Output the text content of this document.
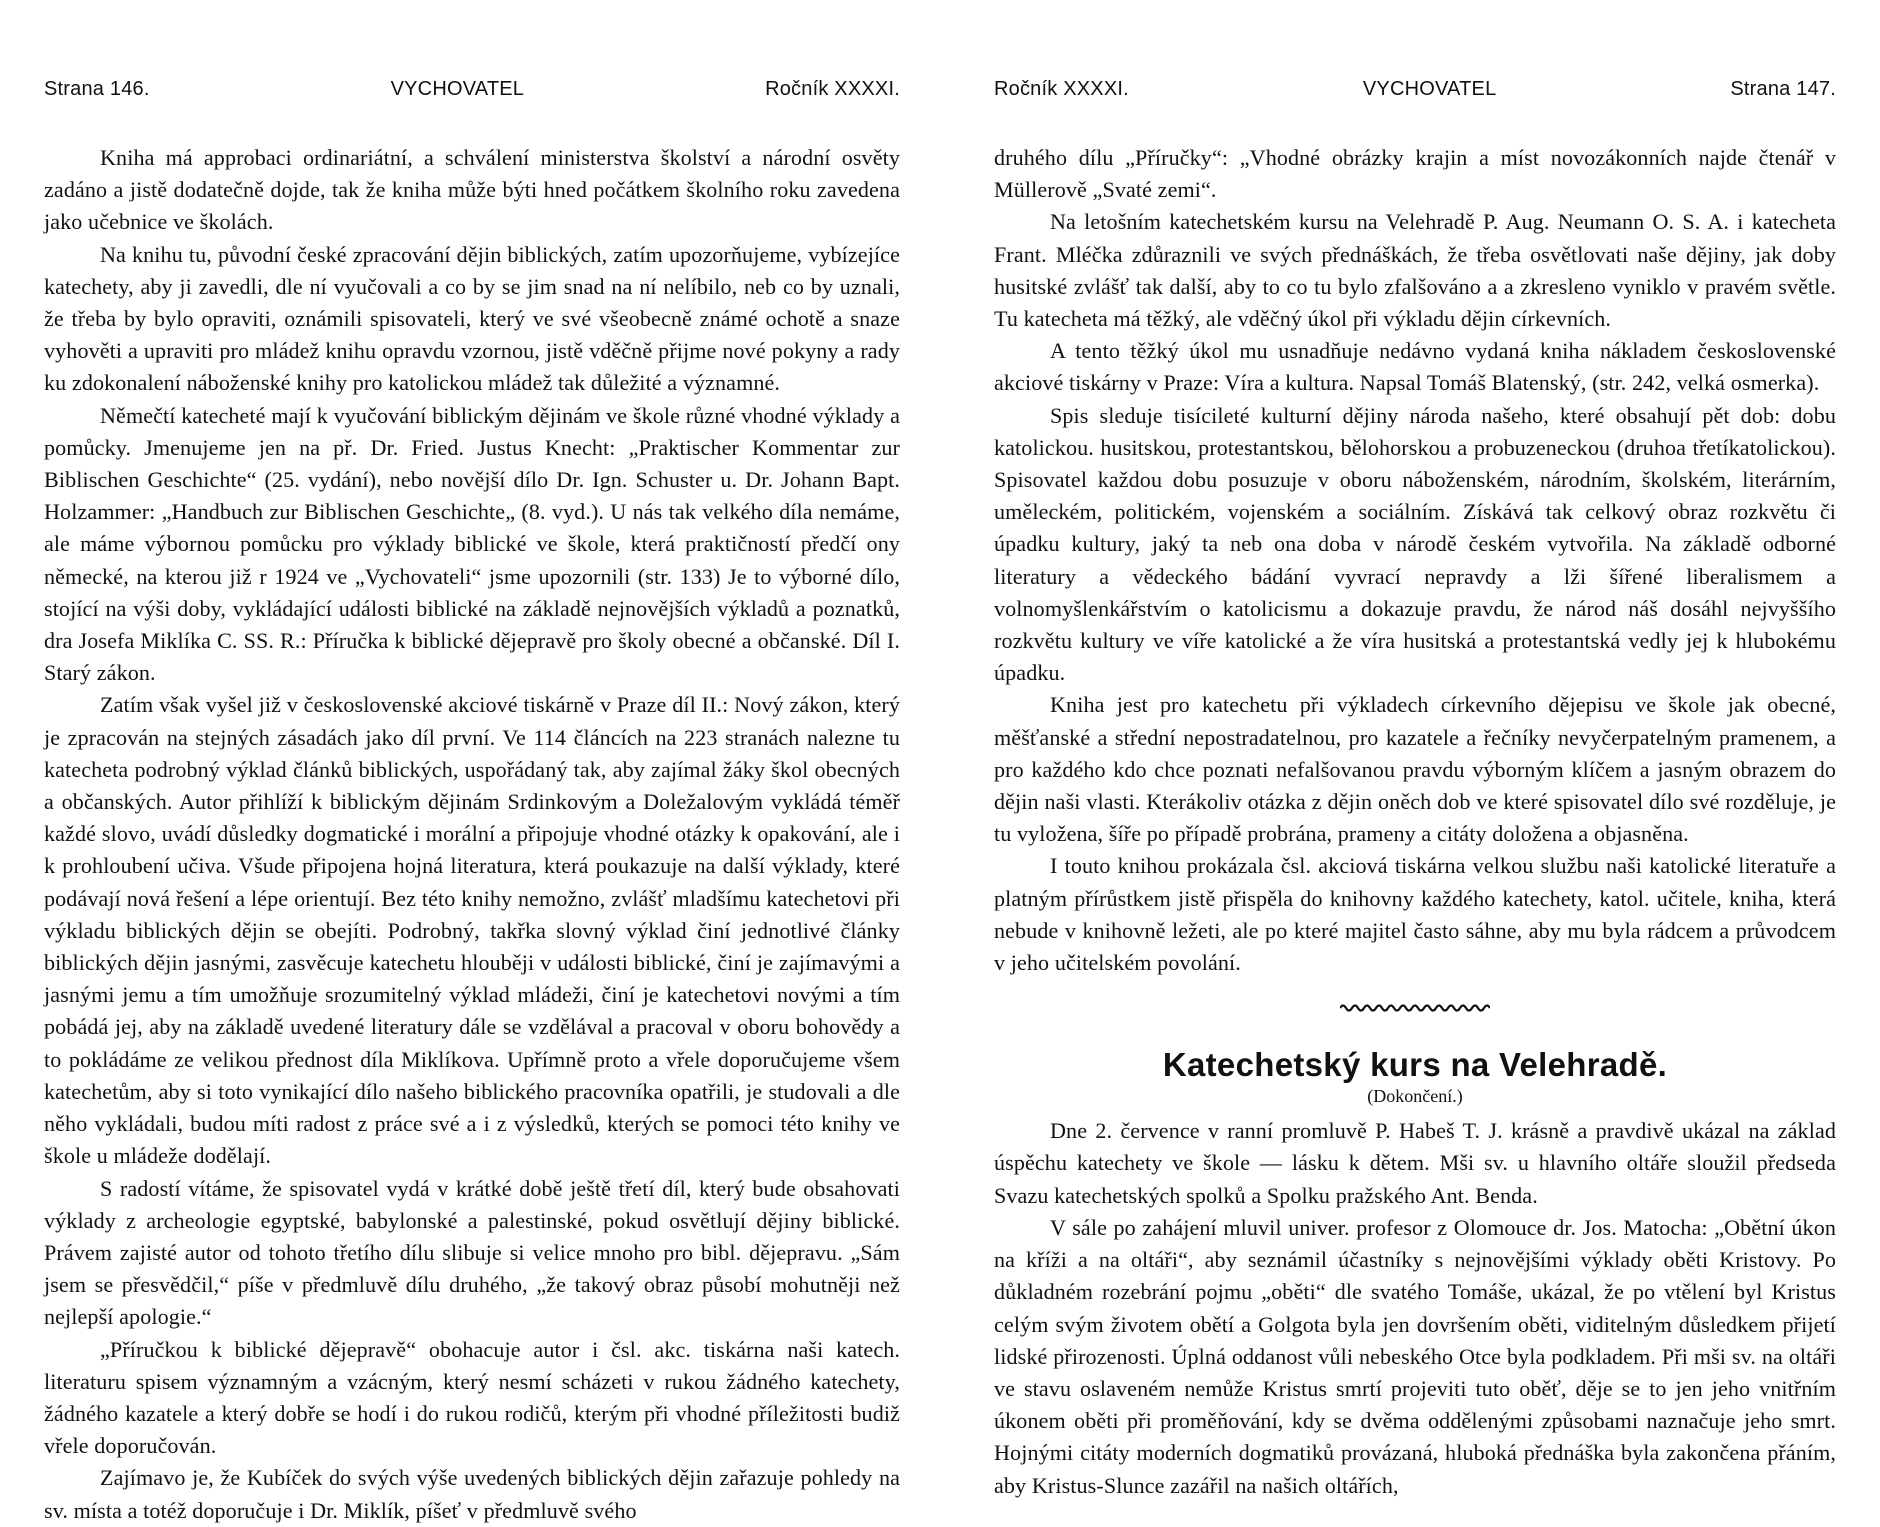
Strana 146.	VYCHOVATEL	Ročník XXXXI.

Kniha má approbaci ordinariátní, a schválení ministerstva školství a národní osvěty zadáno a jistě dodatečně dojde, tak že kniha může býti hned počátkem školního roku zavedena jako učebnice ve školách.

Na knihu tu, původní české zpracování dějin biblických, zatím upozorňujeme, vybízejíce katechety, aby ji zavedli, dle ní vyučovali a co by se jim snad na ní nelíbilo, neb co by uznali, že třeba by bylo opraviti, oznámili spisovateli, který ve své všeobecně známé ochotě a snaze vyhověti a upraviti pro mládež knihu opravdu vzornou, jistě vděčně přijme nové pokyny a rady ku zdokonalení náboženské knihy pro katolickou mládež tak důležité a významné.

Němečtí katecheté mají k vyučování biblickým dějinám ve škole různé vhodné výklady a pomůcky. Jmenujeme jen na př. Dr. Fried. Justus Knecht: „Praktischer Kommentar zur Biblischen Geschichte“ (25. vydání), nebo novější dílo Dr. Ign. Schuster u. Dr. Johann Bapt. Holzammer: „Handbuch zur Biblischen Geschichte„ (8. vyd.). U nás tak velkého díla nemáme, ale máme výbornou pomůcku pro výklady biblické ve škole, která praktičností předčí ony německé, na kterou již r 1924 ve „Vychovateli“ jsme upozornili (str. 133) Je to výborné dílo, stojící na výši doby, vykládající události biblické na základě nejnovějších výkladů a poznatků, dra Josefa Miklíka C. SS. R.: Příručka k biblické dějepravě pro školy obecné a občanské. Díl I. Starý zákon.

Zatím však vyšel již v československé akciové tiskárně v Praze díl II.: Nový zákon, který je zpracován na stejných zásadách jako díl první. Ve 114 článcích na 223 stranách nalezne tu katecheta podrobný výklad článků biblických, uspořádaný tak, aby zajímal žáky škol obecných a občanských. Autor přihlíží k biblickým dějinám Srdinkovým a Doležalovým vykládá téměř každé slovo, uvádí důsledky dogmatické i morální a připojuje vhodné otázky k opakování, ale i k prohloubení učiva. Všude připojena hojná literatura, která poukazuje na další výklady, které podávají nová řešení a lépe orientují. Bez této knihy nemožno, zvlášť mladšímu katechetovi při výkladu biblických dějin se obejíti. Podrobný, takřka slovný výklad činí jednotlivé články biblických dějin jasnými, zasvěcuje katechetu hlouběji v události biblické, činí je zajímavými a jasnými jemu a tím umožňuje srozumitelný výklad mládeži, činí je katechetovi novými a tím pobádá jej, aby na základě uvedené literatury dále se vzdělával a pracoval v oboru bohovědy a to pokládáme ze velikou přednost díla Miklíkova. Upřímně proto a vřele doporučujeme všem katechetům, aby si toto vynikající dílo našeho biblického pracovníka opatřili, je studovali a dle něho vykládali, budou míti radost z práce své a i z výsledků, kterých se pomoci této knihy ve škole u mládeže dodělají.

S radostí vítáme, že spisovatel vydá v krátké době ještě třetí díl, který bude obsahovati výklady z archeologie egyptské, babylonské a palestinské, pokud osvětlují dějiny biblické. Právem zajisté autor od tohoto třetího dílu slibuje si velice mnoho pro bibl. dějepravu. „Sám jsem se přesvědčil,“ píše v předmluvě dílu druhého, „že takový obraz působí mohutněji než nejlepší apologie.“

„Příručkou k biblické dějepravě“ obohacuje autor i čsl. akc. tiskárna naši katech. literaturu spisem významným a vzácným, který nesmí scházeti v rukou žádného katechety, žádného kazatele a který dobře se hodí i do rukou rodičů, kterým při vhodné příležitosti budiž vřele doporučován.

Zajímavo je, že Kubíček do svých výše uvedených biblických dějin zařazuje pohledy na sv. místa a totéž doporučuje i Dr. Miklík, píšeť v předmluvě svého

Ročník XXXXI.	VYCHOVATEL	Strana 147.

druhého dílu „Příručky“: „Vhodné obrázky krajin a míst novozákonních najde čtenář v Müllerově „Svaté zemi“.

Na letošním katechetském kursu na Velehradě P. Aug. Neumann O. S. A. i katecheta Frant. Mléčka zdůraznili ve svých přednáškách, že třeba osvětlovati naše dějiny, jak doby husitské zvlášť tak další, aby to co tu bylo zfalšováno a a zkresleno vyniklo v pravém světle. Tu katecheta má těžký, ale vděčný úkol při výkladu dějin církevních.

A tento těžký úkol mu usnadňuje nedávno vydaná kniha nákladem československé akciové tiskárny v Praze: Víra a kultura. Napsal Tomáš Blatenský, (str. 242, velká osmerka).

Spis sleduje tisícileté kulturní dějiny národa našeho, které obsahují pět dob: dobu katolickou. husitskou, protestantskou, bělohorskou a probuzeneckou (druhoa třetíkatolickou). Spisovatel každou dobu posuzuje v oboru náboženském, národním, školském, literárním, uměleckém, politickém, vojenském a sociálním. Získává tak celkový obraz rozkvětu či úpadku kultury, jaký ta neb ona doba v národě českém vytvořila. Na základě odborné literatury a vědeckého bádání vyvrací nepravdy a lži šířené liberalismem a volnomyšlenkářstvím o katolicismu a dokazuje pravdu, že národ náš dosáhl nejvyššího rozkvětu kultury ve víře katolické a že víra husitská a protestantská vedly jej k hlubokému úpadku.

Kniha jest pro katechetu při výkladech církevního dějepisu ve škole jak obecné, měšťanské a střední nepostradatelnou, pro kazatele a řečníky nevyčerpatelným pramenem, a pro každého kdo chce poznati nefalšovanou pravdu výborným klíčem a jasným obrazem do dějin naši vlasti. Kterákoliv otázka z dějin oněch dob ve které spisovatel dílo své rozděluje, je tu vyložena, šíře po případě probrána, prameny a citáty doložena a objasněna.

I touto knihou prokázala čsl. akciová tiskárna velkou službu naši katolické literatuře a platným přírůstkem jistě přispěla do knihovny každého katechety, katol. učitele, kniha, která nebude v knihovně ležeti, ale po které majitel často sáhne, aby mu byla rádcem a průvodcem v jeho učitelském povolání.

Katechetský kurs na Velehradě.
(Dokončení.)

Dne 2. července v ranní promluvě P. Habeš T. J. krásně a pravdivě ukázal na základ úspěchu katechety ve škole — lásku k dětem. Mši sv. u hlavního oltáře sloužil předseda Svazu katechetských spolků a Spolku pražského Ant. Benda.

V sále po zahájení mluvil univer. profesor z Olomouce dr. Jos. Matocha: „Obětní úkon na kříži a na oltáři“, aby seznámil účastníky s nejnovějšími výklady oběti Kristovy. Po důkladném rozebrání pojmu „oběti“ dle svatého Tomáše, ukázal, že po vtělení byl Kristus celým svým životem obětí a Golgota byla jen dovršením oběti, viditelným důsledkem přijetí lidské přirozenosti. Úplná oddanost vůli nebeského Otce byla podkladem. Při mši sv. na oltáři ve stavu oslaveném nemůže Kristus smrtí projeviti tuto oběť, děje se to jen jeho vnitřním úkonem oběti při proměňování, kdy se dvěma oddělenými způsobami naznačuje jeho smrt. Hojnými citáty moderních dogmatiků provázaná, hluboká přednáška byla zakončena přáním, aby Kristus-Slunce zazářil na našich oltářích,
